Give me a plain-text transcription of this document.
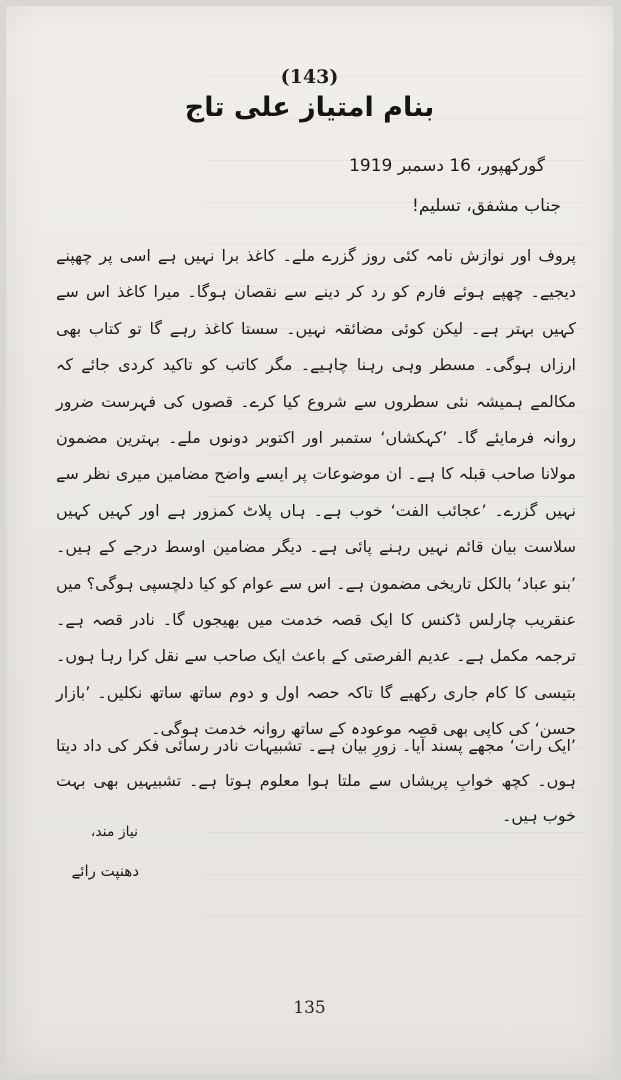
(143)
بنام امتیاز علی تاج
گورکھپور، 16 دسمبر 1919
جناب مشفق، تسلیم!

پروف اور نوازش نامہ کئی روز گزرے ملے۔ کاغذ برا نہیں ہے اسی پر چھپنے دیجیے۔ چھپے ہوئے فارم کو رد کر دینے سے نقصان ہوگا۔ میرا کاغذ اس سے کہیں بہتر ہے۔ لیکن کوئی مضائقہ نہیں۔ سستا کاغذ رہے گا تو کتاب بھی ارزاں ہوگی۔ مسطر وہی رہنا چاہیے۔ مگر کاتب کو تاکید کردی جائے کہ مکالمے ہمیشہ نئی سطروں سے شروع کیا کرے۔ قصوں کی فہرست ضرور روانہ فرمایئے گا۔ ’کہکشاں‘ ستمبر اور اکتوبر دونوں ملے۔ بہترین مضمون مولانا صاحب قبلہ کا ہے۔ ان موضوعات پر ایسے واضح مضامین میری نظر سے نہیں گزرے۔ ’عجائب الفت‘ خوب ہے۔ ہاں پلاٹ کمزور ہے اور کہیں کہیں سلاست بیان قائم نہیں رہنے پائی ہے۔ دیگر مضامین اوسط درجے کے ہیں۔ ’بنو عباد‘ بالکل تاریخی مضمون ہے۔ اس سے عوام کو کیا دلچسپی ہوگی؟ میں عنقریب چارلس ڈکنس کا ایک قصہ خدمت میں بھیجوں گا۔ نادر قصہ ہے۔ ترجمہ مکمل ہے۔ عدیم الفرصتی کے باعث ایک صاحب سے نقل کرا رہا ہوں۔ بتیسی کا کام جاری رکھیے گا تاکہ حصہ اول و دوم ساتھ ساتھ نکلیں۔ ’بازار حسن‘ کی کاپی بھی قصہ موعودہ کے ساتھ روانہ خدمت ہوگی۔

’ایک رات‘ مجھے پسند آیا۔ زورِ بیان ہے۔ تشبیہات نادر رسائی فکر کی داد دیتا ہوں۔ کچھ خوابِ پریشاں سے ملتا ہوا معلوم ہوتا ہے۔ تشبیہیں بھی بہت خوب ہیں۔
نیاز مند،
دھنپت رائے
135
